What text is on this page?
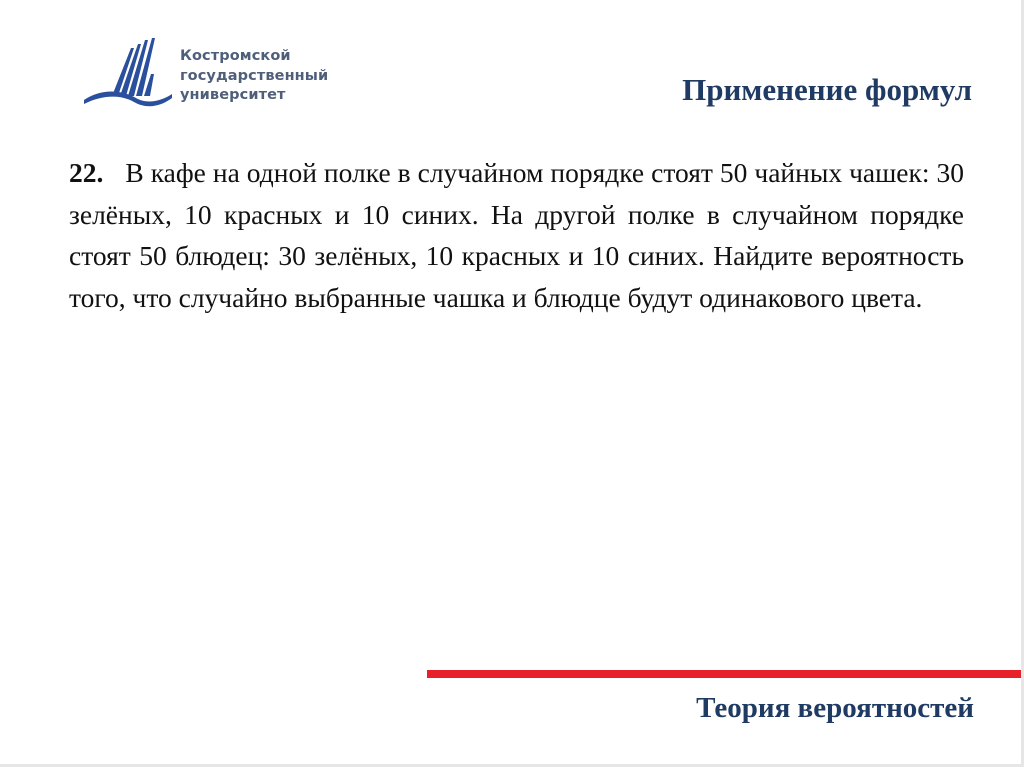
Костромской
государственный
университет	Применение формул
22. В кафе на одной полке в случайном порядке стоят 50 чайных чашек: 30 зелёных, 10 красных и 10 синих. На другой полке в случайном порядке стоят 50 блюдец: 30 зелёных, 10 красных и 10 синих. Найдите вероятность того, что случайно выбранные чашка и блюдце будут одинакового цвета.
Теория вероятностей
